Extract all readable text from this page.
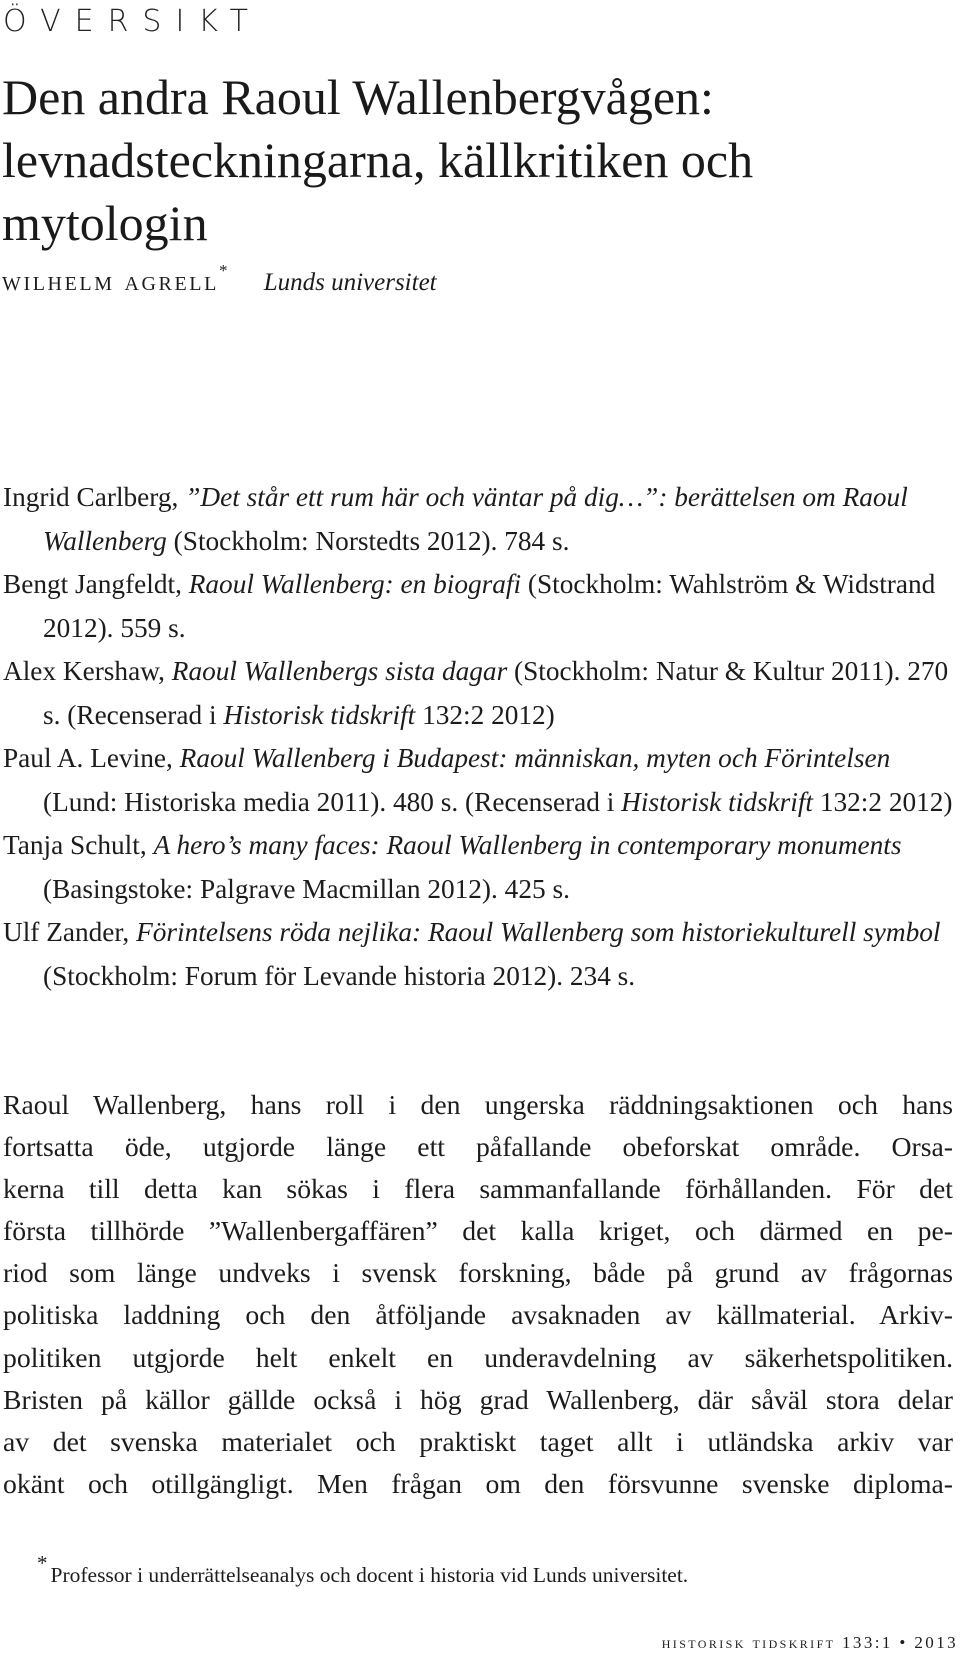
ÖVERSIKT
Den andra Raoul Wallenbergvågen: levnadsteckningarna, källkritiken och mytologin
wilhelm agrell* Lunds universitet
Ingrid Carlberg, ”Det står ett rum här och väntar på dig…”: berättelsen om Raoul Wallenberg (Stockholm: Norstedts 2012). 784 s.
Bengt Jangfeldt, Raoul Wallenberg: en biografi (Stockholm: Wahlström & Widstrand 2012). 559 s.
Alex Kershaw, Raoul Wallenbergs sista dagar (Stockholm: Natur & Kultur 2011). 270 s. (Recenserad i Historisk tidskrift 132:2 2012)
Paul A. Levine, Raoul Wallenberg i Budapest: människan, myten och Förintelsen (Lund: Historiska media 2011). 480 s. (Recenserad i Historisk tidskrift 132:2 2012)
Tanja Schult, A hero’s many faces: Raoul Wallenberg in contemporary monuments (Basingstoke: Palgrave Macmillan 2012). 425 s.
Ulf Zander, Förintelsens röda nejlika: Raoul Wallenberg som historiekulturell symbol (Stockholm: Forum för Levande historia 2012). 234 s.
Raoul Wallenberg, hans roll i den ungerska räddningsaktionen och hans
fortsatta öde, utgjorde länge ett påfallande obeforskat område. Orsa-
kerna till detta kan sökas i flera sammanfallande förhållanden. För det
första tillhörde ”Wallenbergaffären” det kalla kriget, och därmed en pe-
riod som länge undveks i svensk forskning, både på grund av frågornas
politiska laddning och den åtföljande avsaknaden av källmaterial. Arkiv-
politiken utgjorde helt enkelt en underavdelning av säkerhetspolitiken.
Bristen på källor gällde också i hög grad Wallenberg, där såväl stora delar
av det svenska materialet och praktiskt taget allt i utländska arkiv var
okänt och otillgängligt. Men frågan om den försvunne svenske diploma-
*Professor i underrättelseanalys och docent i historia vid Lunds universitet.
historisk tidskrift 133:1 • 2013
